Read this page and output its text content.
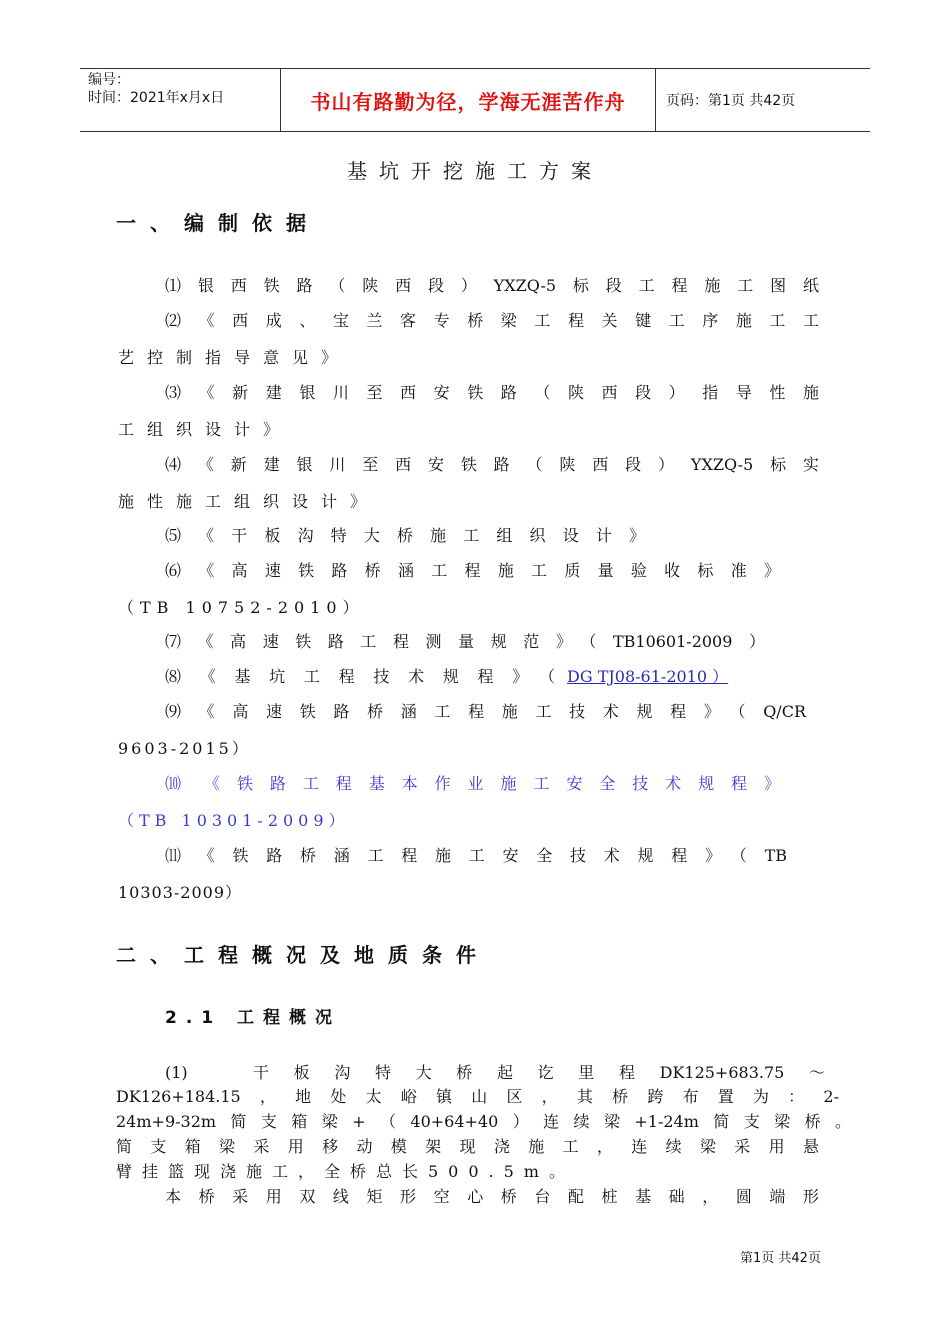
编号：
时间：2021年x月x日	书山有路勤为径，学海无涯苦作舟	页码：第1页 共42页
基坑开挖施工方案
一、编制依据
⑴银西铁路（陕西段）YXZQ-5标段工程施工图纸
⑵《西成、宝兰客专桥梁工程关键工序施工工
艺控制指导意见》
⑶《新建银川至西安铁路（陕西段）指导性施
工组织设计》
⑷《新建银川至西安铁路（陕西段）YXZQ-5标实
施性施工组织设计》
⑸《干板沟特大桥施工组织设计》
⑹《高速铁路桥涵工程施工质量验收标准》
（TB 10752-2010）
⑺《高速铁路工程测量规范》（TB10601-2009）
⑻《基坑工程技术规程》（ DG TJ08-61-2010 ）
⑼《高速铁路桥涵工程施工技术规程》（Q/CR
9603-2015）
⑽ 《铁路工程基本作业施工安全技术规程》
（TB 10301-2009）
⑾《铁路桥涵工程施工安全技术规程》（TB
10303-2009）
二、工程概况及地质条件
2.1 工程概况
(1)　干板沟特大桥起讫里程DK125+683.75～
DK126+184.15，地处太峪镇山区，其桥跨布置为：2-
24m+9-32m简支箱梁+（40+64+40）连续梁+1-24m简支梁桥。
简支箱梁采用移动模架现浇施工，连续梁采用悬
臂挂篮现浇施工，全桥总长500.5m。
本桥采用双线矩形空心桥台配桩基础，圆端形
第1页 共42页
